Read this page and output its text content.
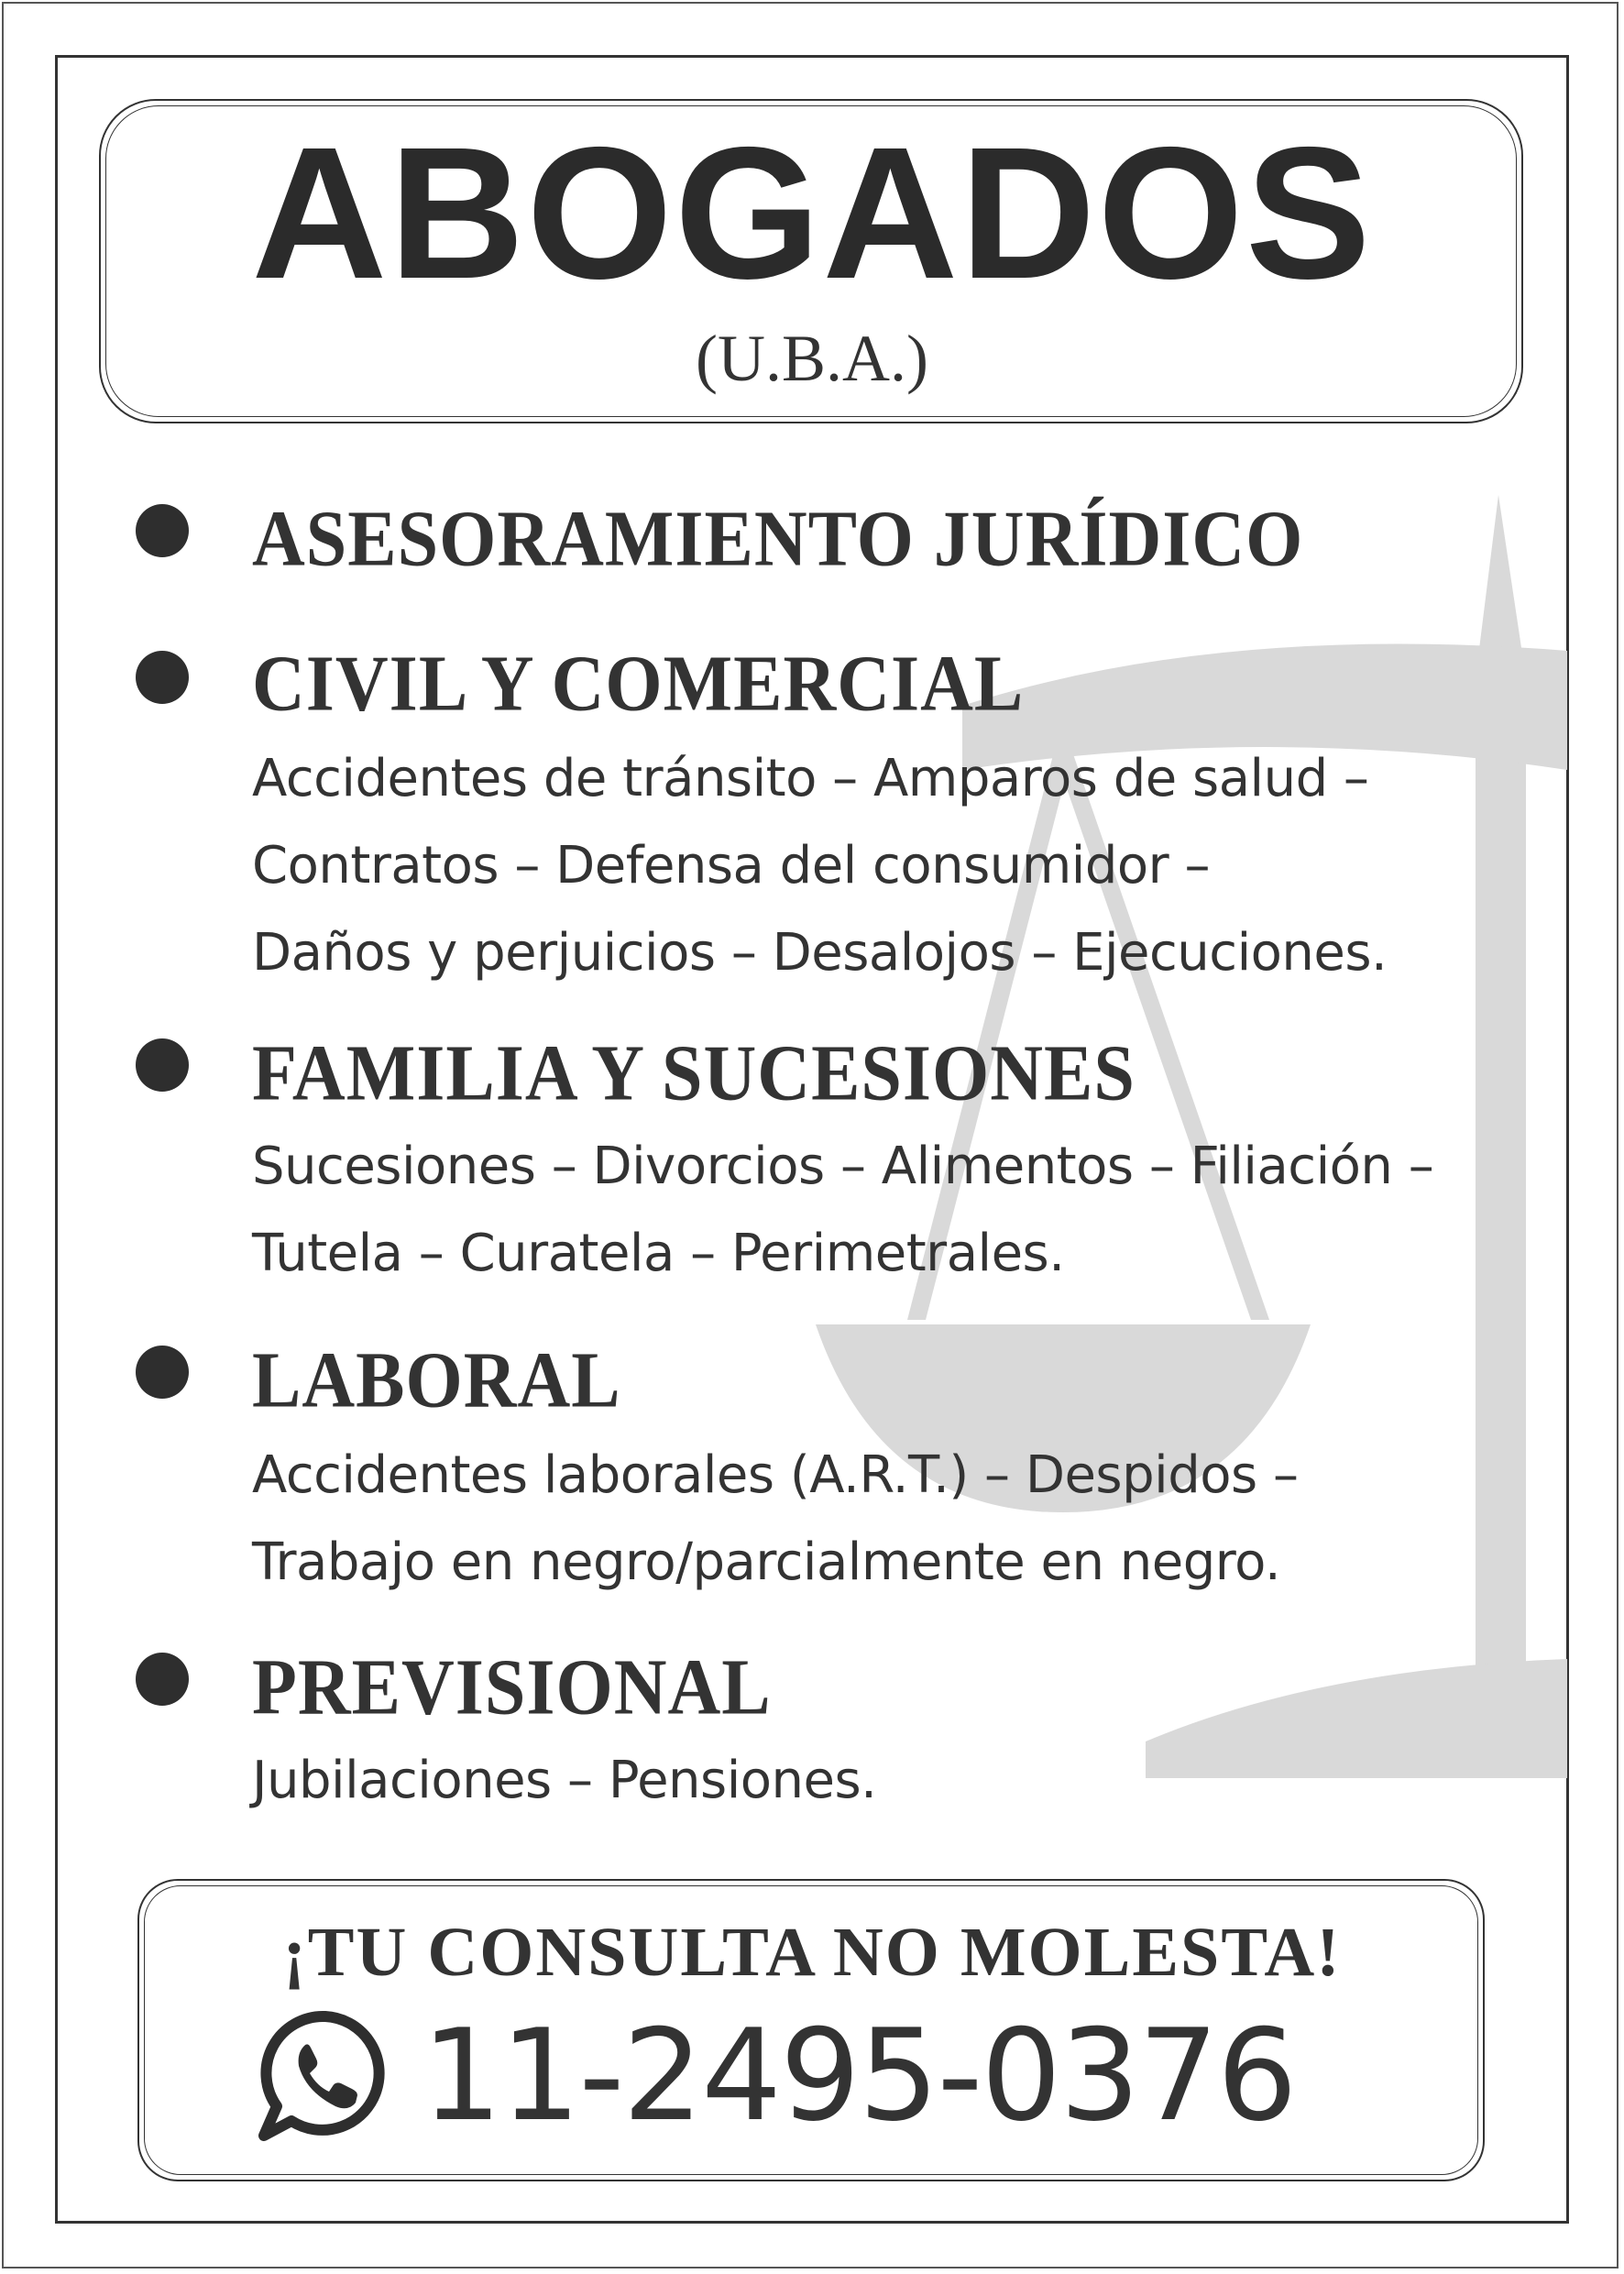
ABOGADOS
(U.B.A.)
ASESORAMIENTO JURÍDICO
CIVIL Y COMERCIAL
Accidentes de tránsito – Amparos de salud –
Contratos – Defensa del consumidor –
Daños y perjuicios – Desalojos – Ejecuciones.
FAMILIA Y SUCESIONES
Sucesiones – Divorcios – Alimentos – Filiación –
Tutela – Curatela – Perimetrales.
LABORAL
Accidentes laborales (A.R.T.) – Despidos –
Trabajo en negro/parcialmente en negro.
PREVISIONAL
Jubilaciones – Pensiones.
¡TU CONSULTA NO MOLESTA!
11-2495-0376
